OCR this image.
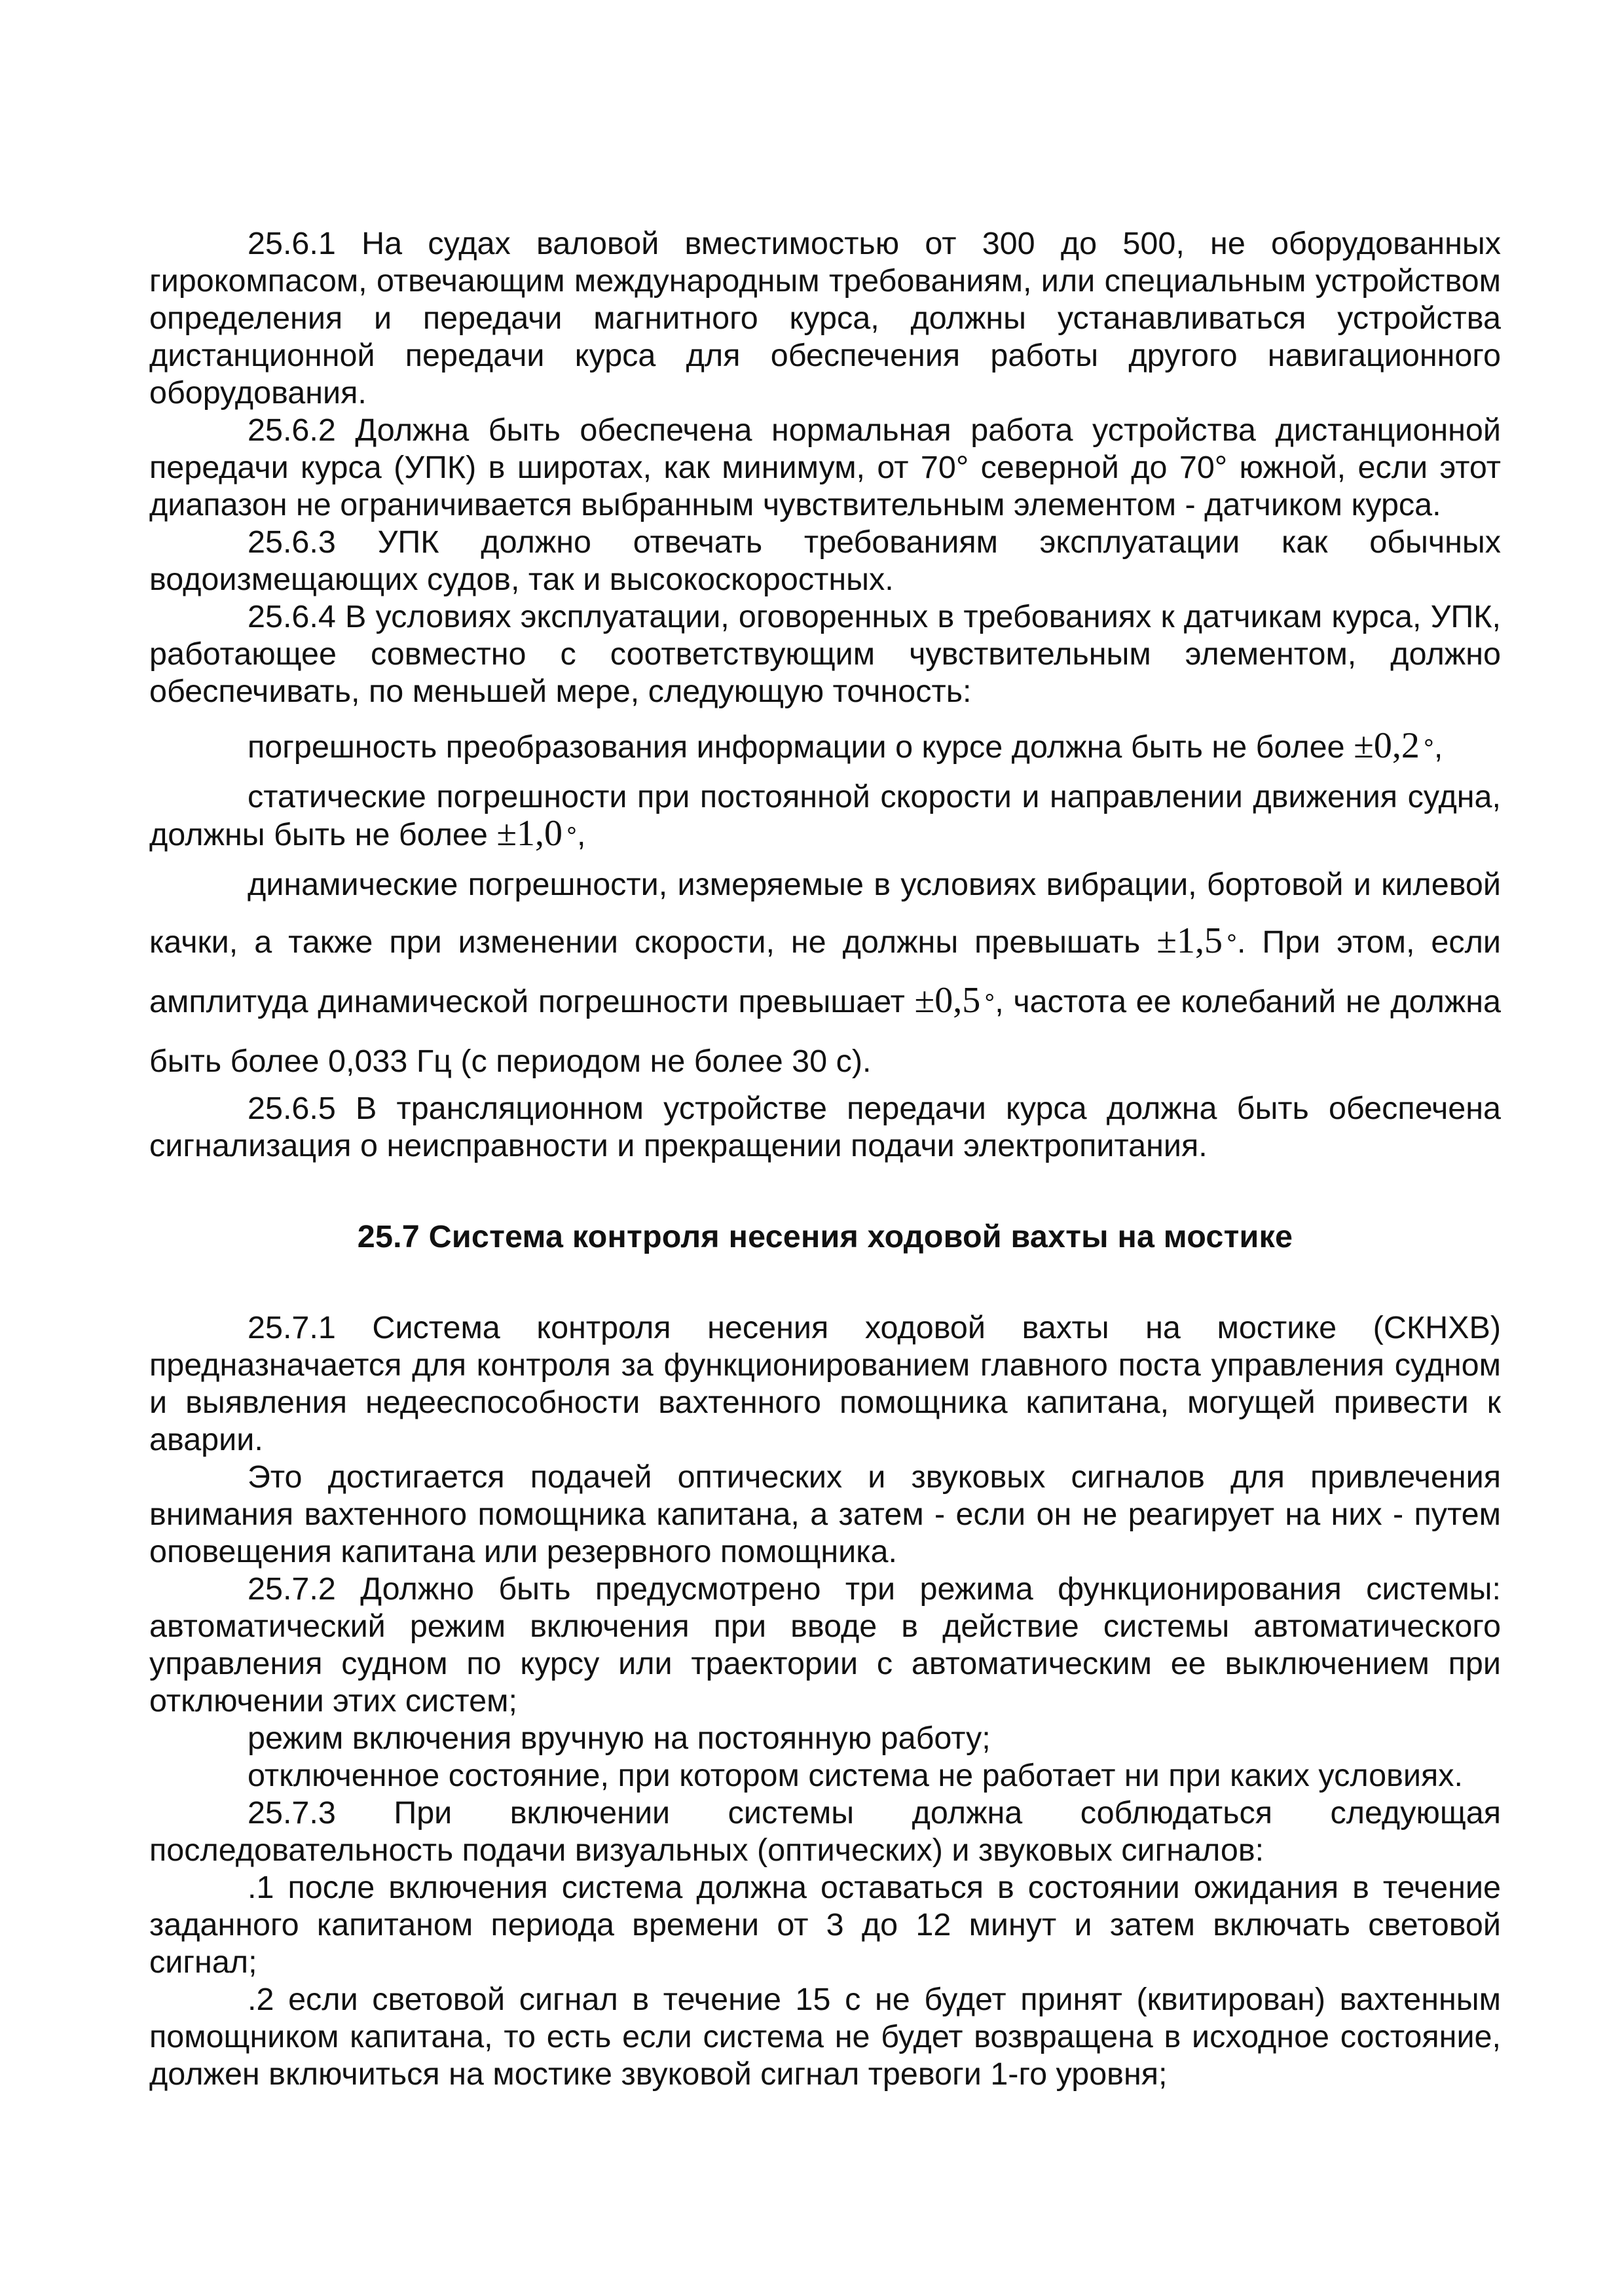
25.6.1 На судах валовой вместимостью от 300 до 500, не оборудованных гирокомпасом, отвечающим международным требованиям, или специальным устройством определения и передачи магнитного курса, должны устанавливаться устройства дистанционной передачи курса для обеспечения работы другого навигационного оборудования.

25.6.2 Должна быть обеспечена нормальная работа устройства дистанционной передачи курса (УПК) в широтах, как минимум, от 70° северной до 70° южной, если этот диапазон не ограничивается выбранным чувствительным элементом - датчиком курса.

25.6.3 УПК должно отвечать требованиям эксплуатации как обычных водоизмещающих судов, так и высокоскоростных.

25.6.4 В условиях эксплуатации, оговоренных в требованиях к датчикам курса, УПК, работающее совместно с соответствующим чувствительным элементом, должно обеспечивать, по меньшей мере, следующую точность:

погрешность преобразования информации о курсе должна быть не более ±0,2 °,

статические погрешности при постоянной скорости и направлении движения судна, должны быть не более ±1,0 °,

динамические погрешности, измеряемые в условиях вибрации, бортовой и килевой качки, а также при изменении скорости, не должны превышать ±1,5 °. При этом, если амплитуда динамической погрешности превышает ±0,5 °, частота ее колебаний не должна быть более 0,033 Гц (с периодом не более 30 с).

25.6.5 В трансляционном устройстве передачи курса должна быть обеспечена сигнализация о неисправности и прекращении подачи электропитания.

25.7 Система контроля несения ходовой вахты на мостике

25.7.1 Система контроля несения ходовой вахты на мостике (СКНХВ) предназначается для контроля за функционированием главного поста управления судном и выявления недееспособности вахтенного помощника капитана, могущей привести к аварии.

Это достигается подачей оптических и звуковых сигналов для привлечения внимания вахтенного помощника капитана, а затем - если он не реагирует на них - путем оповещения капитана или резервного помощника.

25.7.2 Должно быть предусмотрено три режима функционирования системы: автоматический режим включения при вводе в действие системы автоматического управления судном по курсу или траектории с автоматическим ее выключением при отключении этих систем;

режим включения вручную на постоянную работу;

отключенное состояние, при котором система не работает ни при каких условиях.

25.7.3 При включении системы должна соблюдаться следующая последовательность подачи визуальных (оптических) и звуковых сигналов:

.1 после включения система должна оставаться в состоянии ожидания в течение заданного капитаном периода времени от 3 до 12 минут и затем включать световой сигнал;

.2 если световой сигнал в течение 15 с не будет принят (квитирован) вахтенным помощником капитана, то есть если система не будет возвращена в исходное состояние, должен включиться на мостике звуковой сигнал тревоги 1-го уровня;
